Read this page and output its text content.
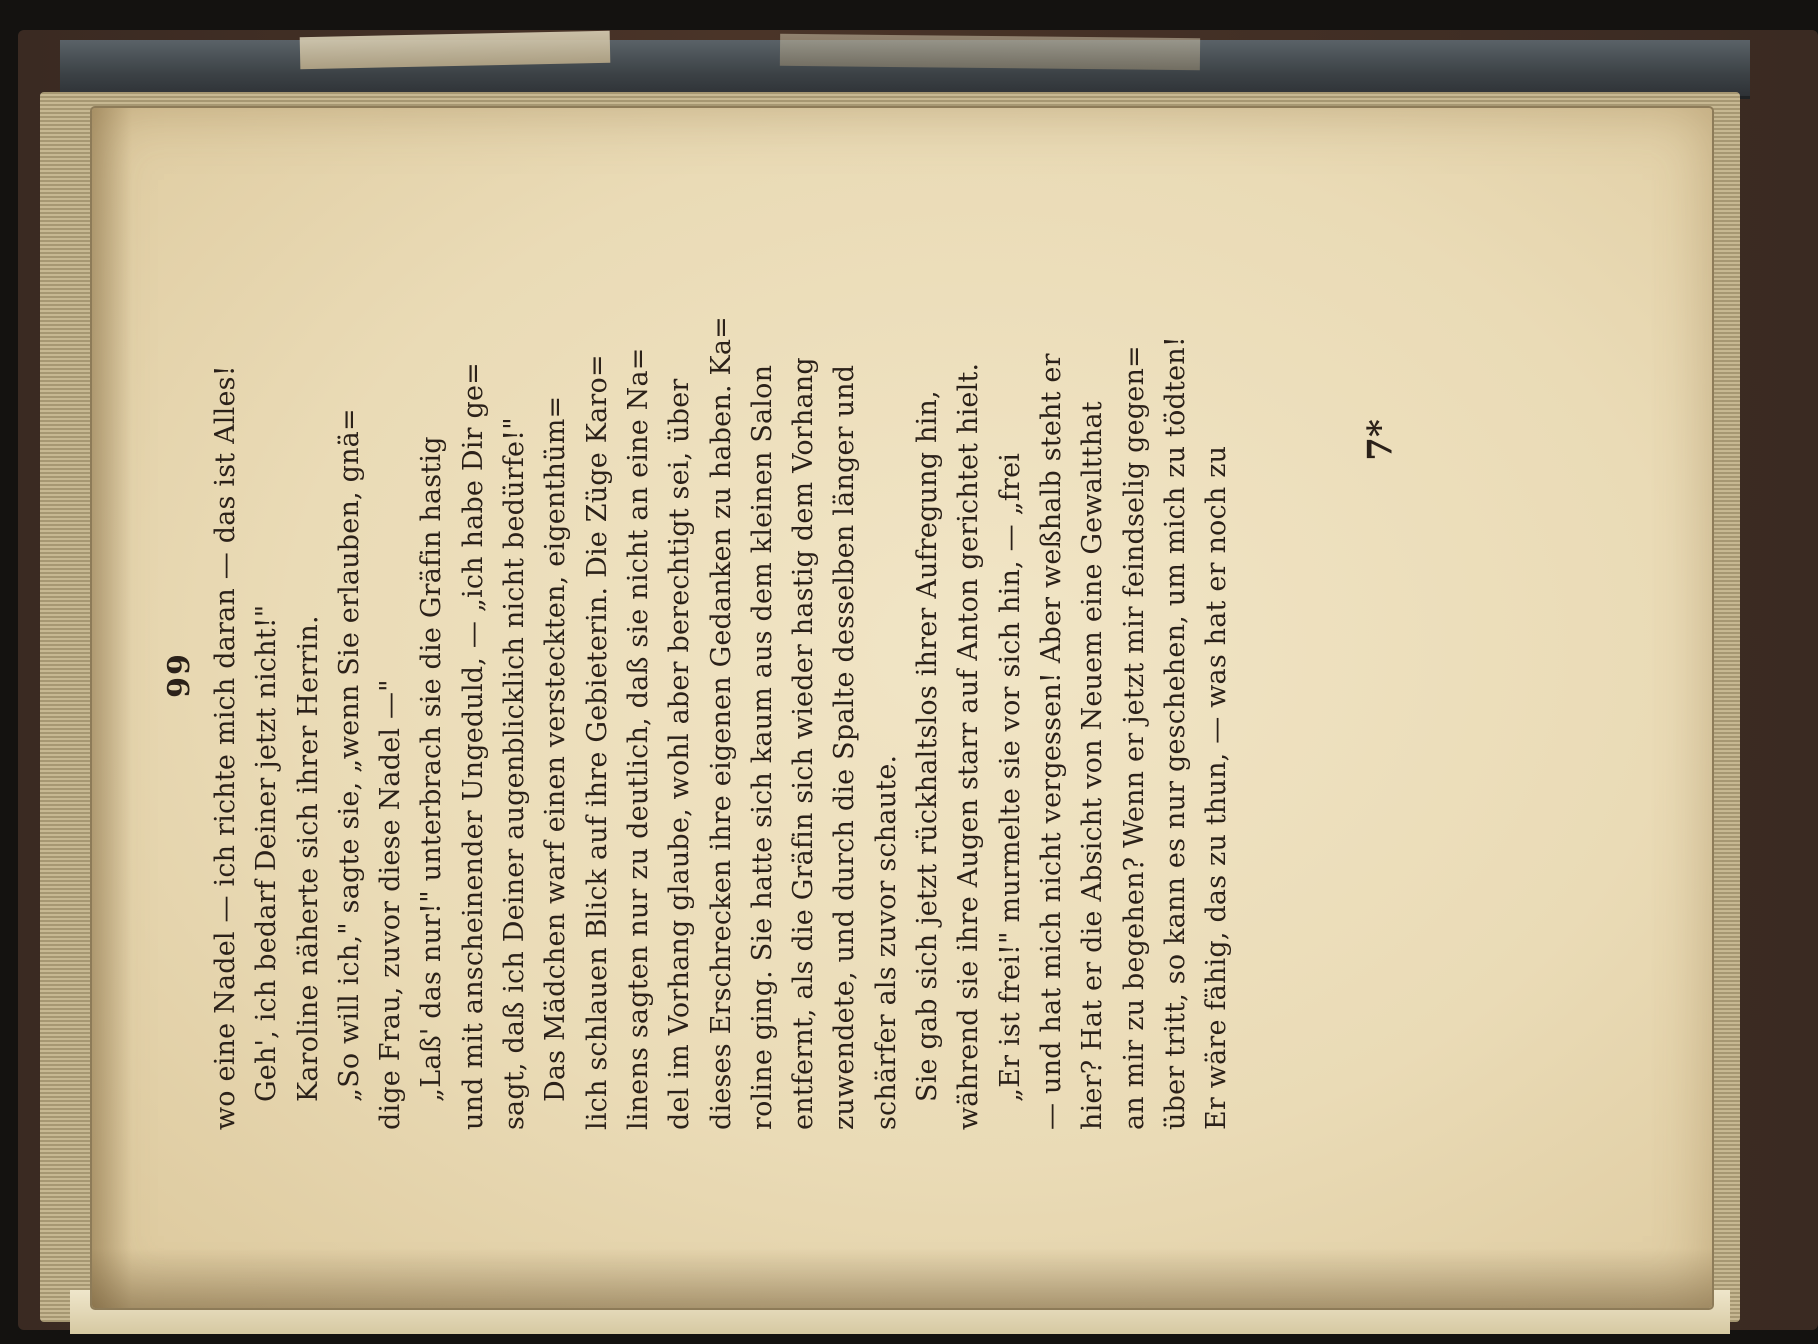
99 wo eine Nadel — ich richte mich daran — das ist Alles! Geh', ich bedarf Deiner jetzt nicht!" Karoline näherte sich ihrer Herrin. „So will ich," sagte sie, „wenn Sie erlauben, gnä= dige Frau, zuvor diese Nadel —" „Laß' das nur!" unterbrach sie die Gräfin hastig und mit anscheinender Ungeduld, — „ich habe Dir ge= sagt, daß ich Deiner augenblicklich nicht bedürfe!" Das Mädchen warf einen versteckten, eigenthüm= lich schlauen Blick auf ihre Gebieterin. Die Züge Karo= linens sagten nur zu deutlich, daß sie nicht an eine Na= del im Vorhang glaube, wohl aber berechtigt sei, über dieses Erschrecken ihre eigenen Gedanken zu haben. Ka= roline ging. Sie hatte sich kaum aus dem kleinen Salon entfernt, als die Gräfin sich wieder hastig dem Vorhang zuwendete, und durch die Spalte desselben länger und schärfer als zuvor schaute. Sie gab sich jetzt rückhaltslos ihrer Aufregung hin, während sie ihre Augen starr auf Anton gerichtet hielt. „Er ist frei!" murmelte sie vor sich hin, — „frei — und hat mich nicht vergessen! Aber weßhalb steht er hier? Hat er die Absicht von Neuem eine Gewaltthat an mir zu begehen? Wenn er jetzt mir feindselig gegen= über tritt, so kann es nur geschehen, um mich zu tödten! Er wäre fähig, das zu thun, — was hat er noch zu
7*
